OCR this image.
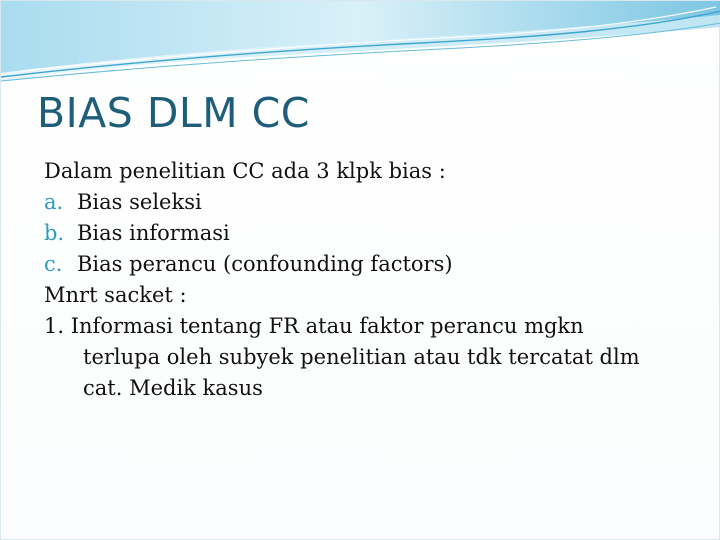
BIAS DLM CC
Dalam penelitian CC ada 3 klpk bias :
a. Bias seleksi
b. Bias informasi
c. Bias perancu (confounding factors)
Mnrt sacket :
1. Informasi tentang FR atau faktor perancu mgkn
terlupa oleh subyek penelitian atau tdk tercatat dlm
cat. Medik kasus
